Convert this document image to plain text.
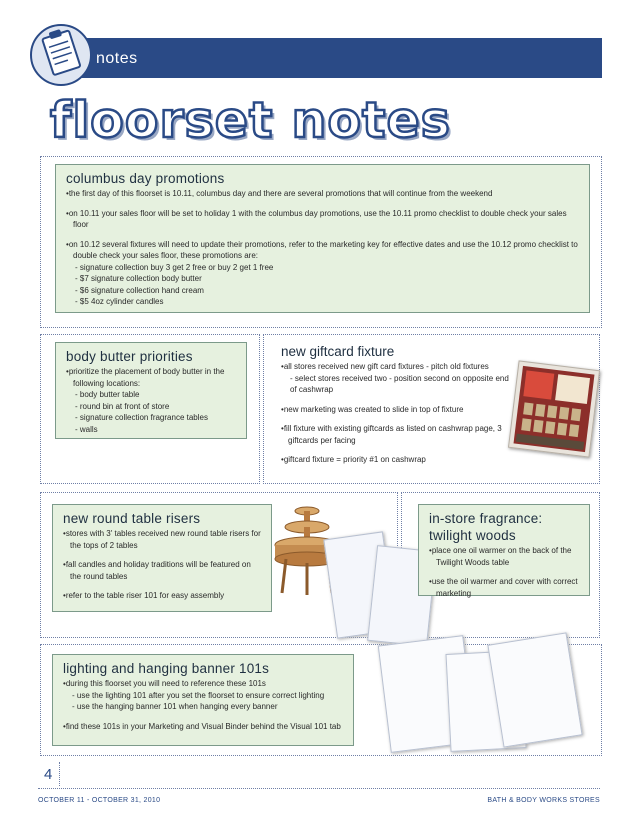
notes
floorset notes
columbus day promotions
• the first day of this floorset is 10.11, columbus day and there are several promotions that will continue from the weekend
• on 10.11 your sales floor will be set to holiday 1 with the columbus day promotions, use the 10.11 promo checklist to double check your sales floor
• on 10.12 several fixtures will need to update their promotions, refer to the marketing key for effective dates and use the 10.12 promo checklist to double check your sales floor, these promotions are:
- signature collection buy 3 get 2 free or buy 2 get 1 free
- $7 signature collection body butter
- $6 signature collection hand cream
- $5 4oz cylinder candles
body butter priorities
• prioritize the placement of body butter in the following locations:
- body butter table
- round bin at front of store
- signature collection fragrance tables
- walls
new giftcard fixture
• all stores received new gift card fixtures - pitch old fixtures
- select stores received two - position second on opposite end of cashwrap
• new marketing was created to slide in top of fixture
• fill fixture with existing giftcards as listed on cashwrap page, 3 giftcards per facing
• giftcard fixture = priority #1 on cashwrap
new round table risers
• stores with 3' tables received new round table risers for the tops of 2 tables
• fall candles and holiday traditions will be featured on the round tables
• refer to the table riser 101 for easy assembly
in-store fragrance:
twilight woods
• place one oil warmer on the back of the Twilight Woods table
• use the oil warmer and cover with correct marketing
lighting and hanging banner 101s
• during this floorset you will need to reference these 101s
- use the lighting 101 after you set the floorset to ensure correct lighting
- use the hanging banner 101 when hanging every banner
• find these 101s in your Marketing and Visual Binder behind the Visual 101 tab
4
OCTOBER 11 - OCTOBER 31, 2010	BATH & BODY WORKS STORES
